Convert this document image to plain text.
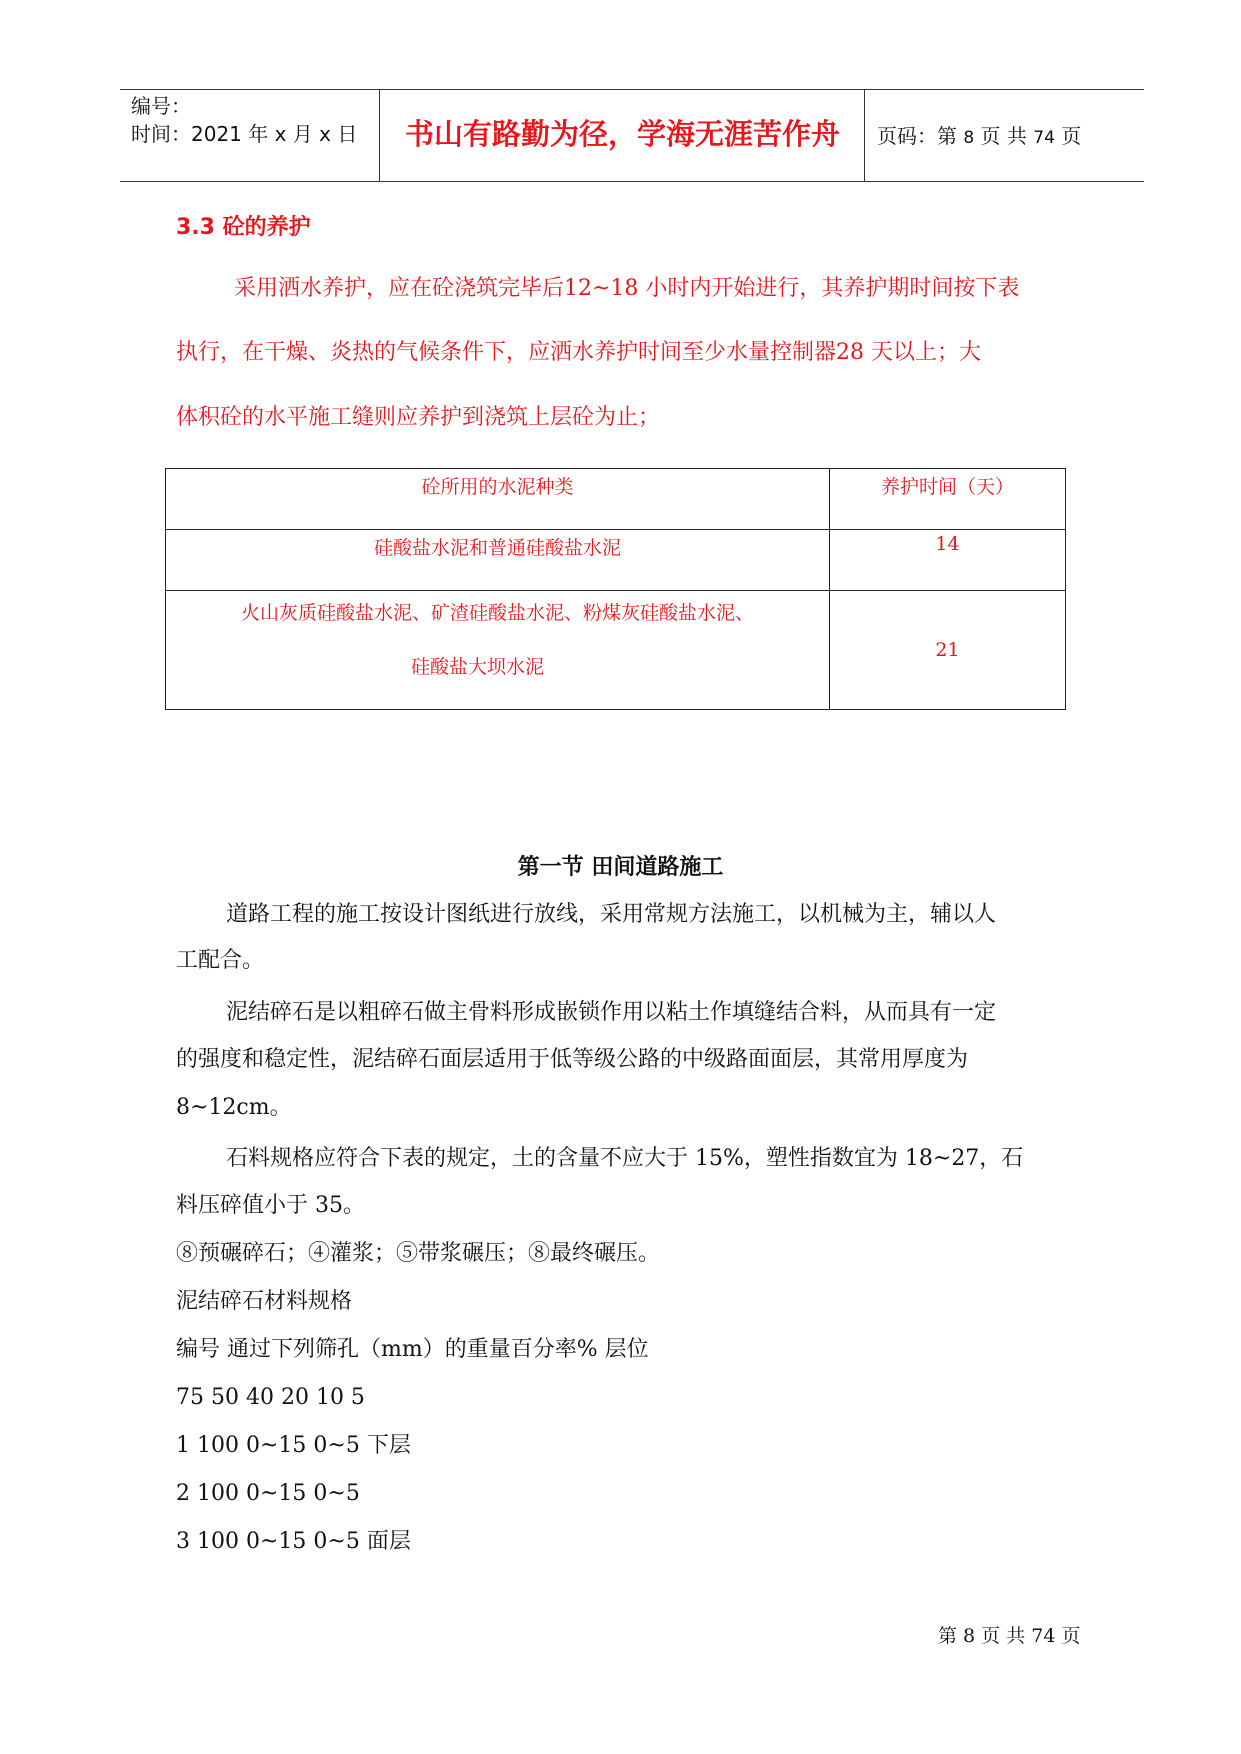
编号：
时间：2021 年 x 月 x 日	书山有路勤为径，学海无涯苦作舟	页码：第 8 页 共 74 页
3.3 砼的养护
采用洒水养护，应在砼浇筑完毕后12~18 小时内开始进行，其养护期时间按下表
执行，在干燥、炎热的气候条件下，应洒水养护时间至少水量控制器28 天以上；大
体积砼的水平施工缝则应养护到浇筑上层砼为止；
砼所用的水泥种类	养护时间（天）
硅酸盐水泥和普通硅酸盐水泥	14

火山灰质硅酸盐水泥、矿渣硅酸盐水泥、粉煤灰硅酸盐水泥、
硅酸盐大坝水泥	21
第一节 田间道路施工
道路工程的施工按设计图纸进行放线，采用常规方法施工，以机械为主，辅以人
工配合。
泥结碎石是以粗碎石做主骨料形成嵌锁作用以粘土作填缝结合料，从而具有一定
的强度和稳定性，泥结碎石面层适用于低等级公路的中级路面面层，其常用厚度为
8~12cm。
石料规格应符合下表的规定，土的含量不应大于 15%，塑性指数宜为 18~27，石
料压碎值小于 35。
⑧预碾碎石；④灌浆；⑤带浆碾压；⑧最终碾压。
泥结碎石材料规格
编号 通过下列筛孔（mm）的重量百分率% 层位
75 50 40 20 10 5
1 100 0~15 0~5 下层
2 100 0~15 0~5
3 100 0~15 0~5 面层
第 8 页 共 74 页
